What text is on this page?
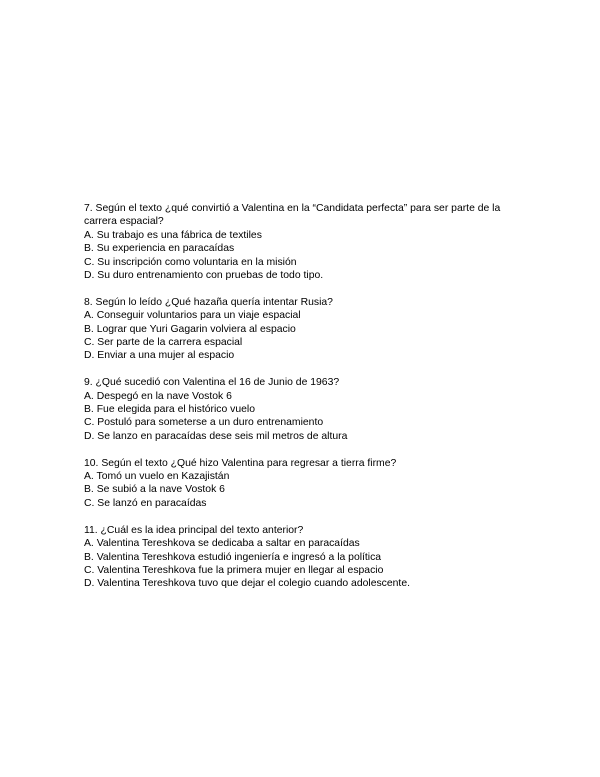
7. Según el texto ¿qué convirtió a Valentina en la “Candidata perfecta” para ser parte de la carrera espacial?

A. Su trabajo es una fábrica de textiles

B. Su experiencia en paracaídas

C. Su inscripción como voluntaria en la misión

D. Su duro entrenamiento con pruebas de todo tipo.

8. Según lo leído ¿Qué hazaña quería intentar Rusia?

A. Conseguir voluntarios para un viaje espacial

B. Lograr que Yuri Gagarin volviera al espacio

C. Ser parte de la carrera espacial

D. Enviar a una mujer al espacio

9. ¿Qué sucedió con Valentina el 16 de Junio de 1963?

A. Despegó en la nave Vostok 6

B. Fue elegida para el histórico vuelo

C. Postuló para someterse a un duro entrenamiento

D. Se lanzo en paracaídas dese seis mil metros de altura

10. Según el texto ¿Qué hizo Valentina para regresar a tierra firme?

A. Tomó un vuelo en Kazajistán

B. Se subió a la nave Vostok 6

C. Se lanzó en paracaídas

11. ¿Cuál es la idea principal del texto anterior?

A. Valentina Tereshkova se dedicaba a saltar en paracaídas

B. Valentina Tereshkova estudió ingeniería e ingresó a la política

C. Valentina Tereshkova fue la primera mujer en llegar al espacio

D. Valentina Tereshkova tuvo que dejar el colegio cuando adolescente.
